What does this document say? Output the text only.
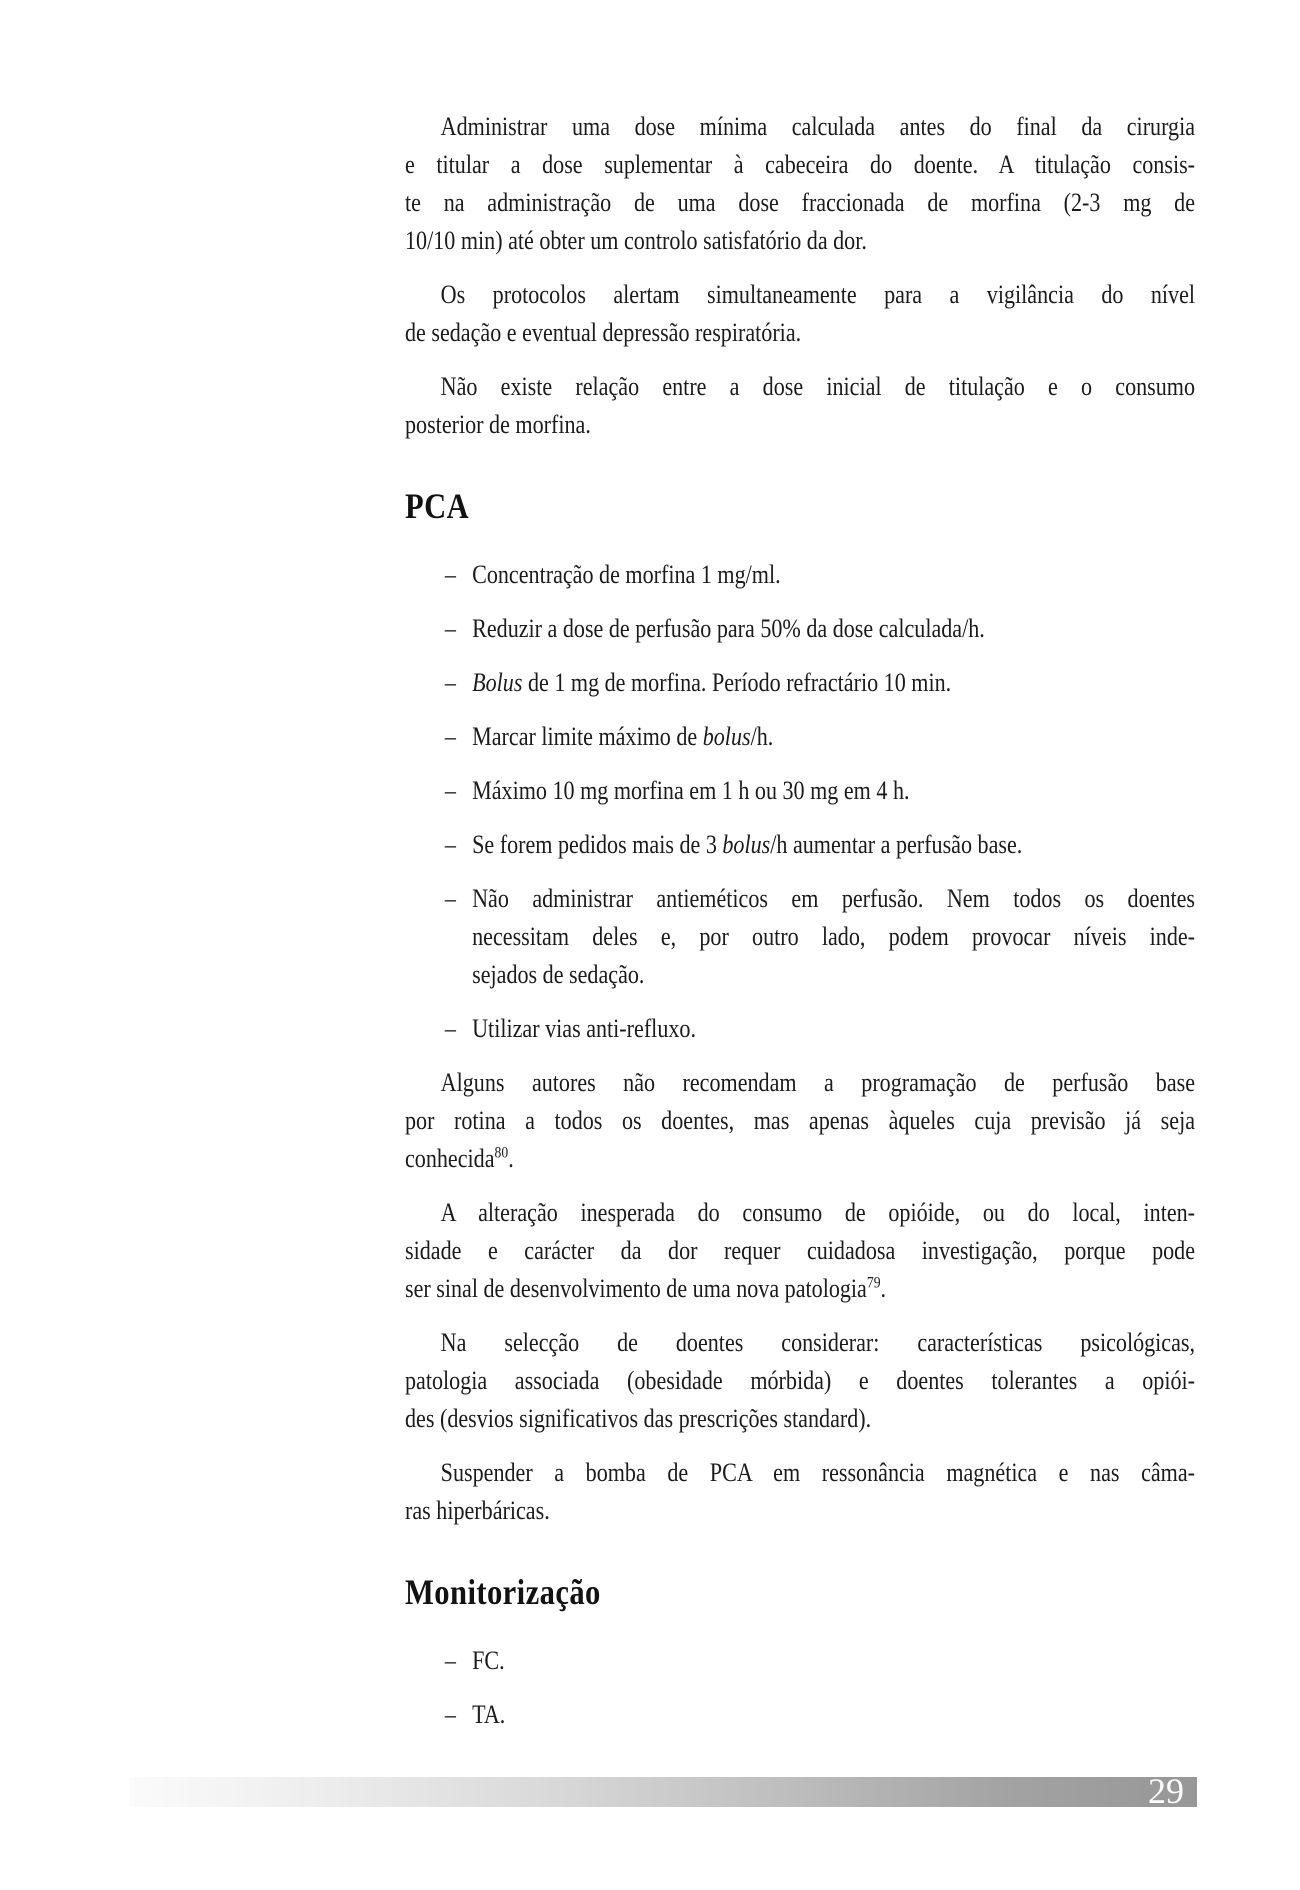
Administrar uma dose mínima calculada antes do final da cirurgia
e titular a dose suplementar à cabeceira do doente. A titulação consis-
te na administração de uma dose fraccionada de morfina (2-3 mg de
10/10 min) até obter um controlo satisfatório da dor.
Os protocolos alertam simultaneamente para a vigilância do nível
de sedação e eventual depressão respiratória.
Não existe relação entre a dose inicial de titulação e o consumo
posterior de morfina.
PCA
– Concentração de morfina 1 mg/ml.
– Reduzir a dose de perfusão para 50% da dose calculada/h.
– Bolus de 1 mg de morfina. Período refractário 10 min.
– Marcar limite máximo de bolus/h.
– Máximo 10 mg morfina em 1 h ou 30 mg em 4 h.
– Se forem pedidos mais de 3 bolus/h aumentar a perfusão base.
– Não administrar antieméticos em perfusão. Nem todos os doentes
necessitam deles e, por outro lado, podem provocar níveis inde-
sejados de sedação.
– Utilizar vias anti-refluxo.
Alguns autores não recomendam a programação de perfusão base
por rotina a todos os doentes, mas apenas àqueles cuja previsão já seja
conhecida$^{80}$.
A alteração inesperada do consumo de opióide, ou do local, inten-
sidade e carácter da dor requer cuidadosa investigação, porque pode
ser sinal de desenvolvimento de uma nova patologia$^{79}$.
Na selecção de doentes considerar: características psicológicas,
patologia associada (obesidade mórbida) e doentes tolerantes a opiói-
des (desvios significativos das prescrições standard).
Suspender a bomba de PCA em ressonância magnética e nas câma-
ras hiperbáricas.
Monitorização
– FC.
– TA.
29
